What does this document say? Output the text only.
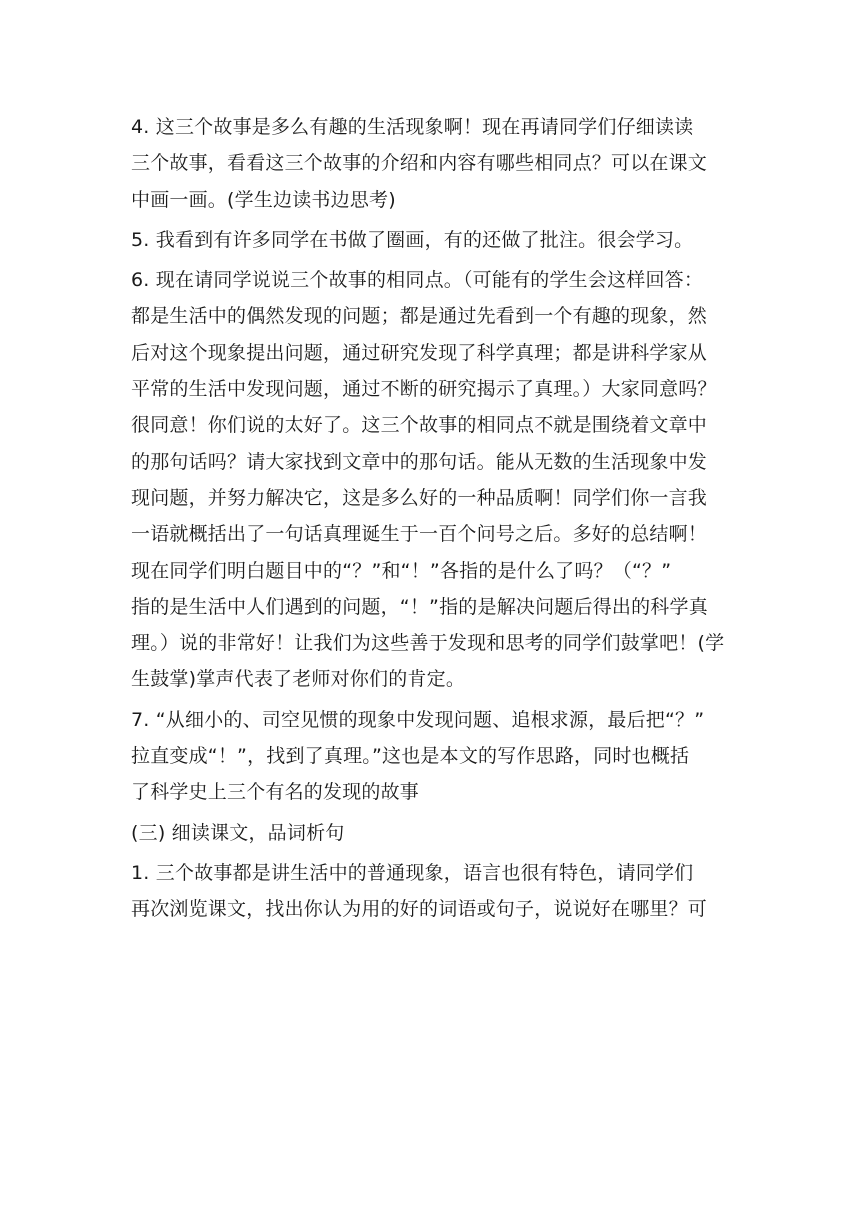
4. 这三个故事是多么有趣的生活现象啊！现在再请同学们仔细读读
三个故事，看看这三个故事的介绍和内容有哪些相同点？可以在课文
中画一画。(学生边读书边思考)
5. 我看到有许多同学在书做了圈画，有的还做了批注。很会学习。
6. 现在请同学说说三个故事的相同点。（可能有的学生会这样回答：
都是生活中的偶然发现的问题；都是通过先看到一个有趣的现象，然
后对这个现象提出问题，通过研究发现了科学真理；都是讲科学家从
平常的生活中发现问题，通过不断的研究揭示了真理。）大家同意吗？
很同意！你们说的太好了。这三个故事的相同点不就是围绕着文章中
的那句话吗？请大家找到文章中的那句话。能从无数的生活现象中发
现问题，并努力解决它，这是多么好的一种品质啊！同学们你一言我
一语就概括出了一句话真理诞生于一百个问号之后。多好的总结啊！
现在同学们明白题目中的“？”和“！”各指的是什么了吗？（“？”
指的是生活中人们遇到的问题，“！”指的是解决问题后得出的科学真
理。）说的非常好！让我们为这些善于发现和思考的同学们鼓掌吧！(学
生鼓掌)掌声代表了老师对你们的肯定。
7. “从细小的、司空见惯的现象中发现问题、追根求源，最后把“？”
拉直变成“！”，找到了真理。”这也是本文的写作思路，同时也概括
了科学史上三个有名的发现的故事
(三) 细读课文，品词析句
1. 三个故事都是讲生活中的普通现象，语言也很有特色，请同学们
再次浏览课文，找出你认为用的好的词语或句子，说说好在哪里？可
